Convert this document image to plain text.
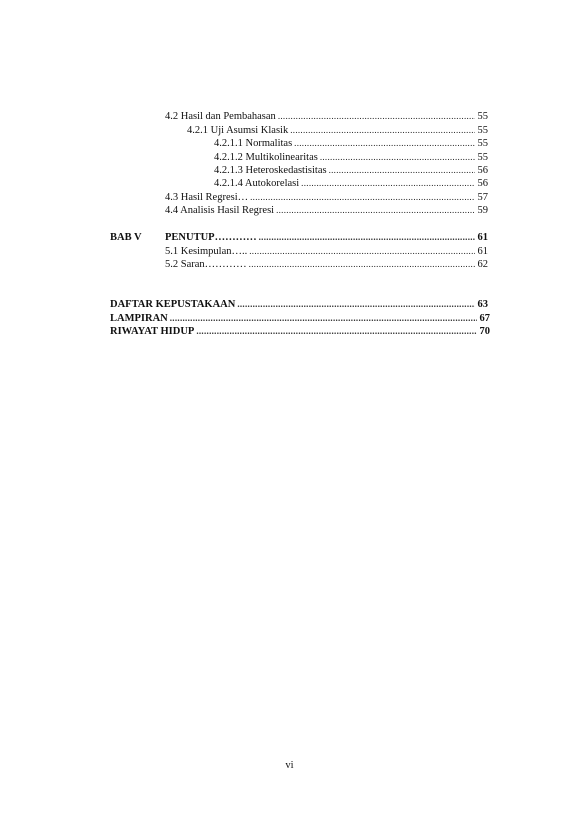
4.2 Hasil dan Pembahasan .....	55
4.2.1 Uji Asumsi Klasik .....	55
4.2.1.1 Normalitas .....	55
4.2.1.2 Multikolinearitas .....	55
4.2.1.3 Heteroskedastisitas .....	56
4.2.1.4 Autokorelasi .....	56
4.3 Hasil Regresi… .....	57
4.4 Analisis Hasil Regresi .....	59
BAB V PENUTUP………… .....	61
5.1 Kesimpulan….. .....	61
5.2 Saran………… .....	62
DAFTAR KEPUSTAKAAN .....	63
LAMPIRAN .....	67
RIWAYAT HIDUP .....	70
vi
